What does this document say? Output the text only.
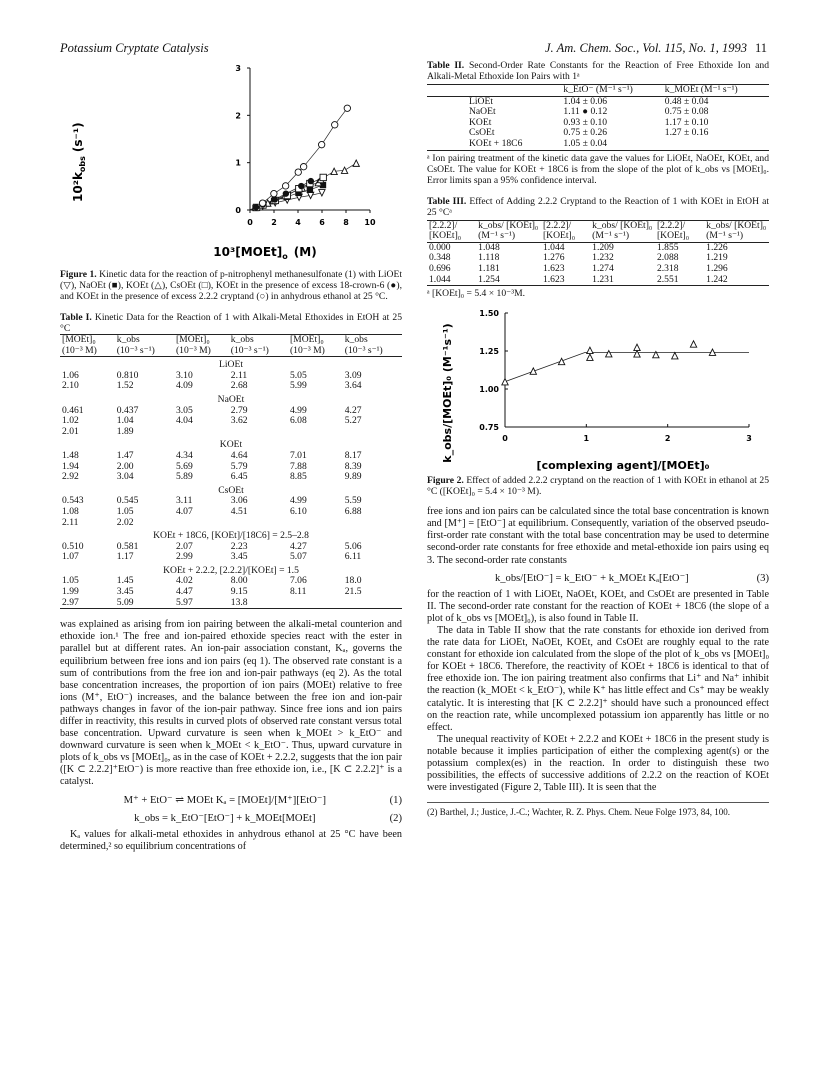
Potassium Cryptate Catalysis	J. Am. Chem. Soc., Vol. 115, No. 1, 1993 11
0 2 4 6 8 10
0
1
2
3
$10^2k_{obs}(s^{-1})$
$10^3[MOEt]_o$ (M)
Figure 1. Kinetic data for the reaction of p-nitrophenyl methanesulfonate (1) with LiOEt (▽), NaOEt (■), KOEt (△), CsOEt (□), KOEt in the presence of excess 18-crown-6 (●), and KOEt in the presence of excess 2.2.2 cryptand (○) in anhydrous ethanol at 25 °C.
Table I. Kinetic Data for the Reaction of 1 with Alkali-Metal Ethoxides in EtOH at 25 °C
[MOEt]₀	k_obs	[MOEt]₀	k_obs	[MOEt]₀	k_obs
(10⁻³ M)	(10⁻³ s⁻¹)	(10⁻³ M)	(10⁻³ s⁻¹)	(10⁻³ M)	(10⁻³ s⁻¹)
LiOEt					
1.06	0.810	3.10	2.11	5.05	3.09
2.10	1.52	4.09	2.68	5.99	3.64
NaOEt					
0.461	0.437	3.05	2.79	4.99	4.27
1.02	1.04	4.04	3.62	6.08	5.27
2.01	1.89				
KOEt					
1.48	1.47	4.34	4.64	7.01	8.17
1.94	2.00	5.69	5.79	7.88	8.39
2.92	3.04	5.89	6.45	8.85	9.89
CsOEt					
0.543	0.545	3.11	3.06	4.99	5.59
1.08	1.05	4.07	4.51	6.10	6.88
2.11	2.02				
KOEt + 18C6, [KOEt]/[18C6] = 2.5–2.8					
0.510	0.581	2.07	2.23	4.27	5.06
1.07	1.17	2.99	3.45	5.07	6.11
KOEt + 2.2.2, [2.2.2]/[KOEt] = 1.5					
1.05	1.45	4.02	8.00	7.06	18.0
1.99	3.45	4.47	9.15	8.11	21.5
2.97	5.09	5.97	13.8		

was explained as arising from ion pairing between the alkali-metal counterion and ethoxide ion.¹ The free and ion-paired ethoxide species react with the ester in parallel but at different rates. An ion-pair association constant, Kₐ, governs the equilibrium between free ions and ion pairs (eq 1). The observed rate constant is a sum of contributions from the free ion and ion-pair pathways (eq 2). As the total base concentration increases, the proportion of ion pairs (MOEt) relative to free ions (M⁺, EtO⁻) increases, and the balance between the free ion and ion-pair pathways changes in favor of the ion-pair pathway. Since free ions and ion pairs differ in reactivity, this results in curved plots of observed rate constant versus total base concentration. Upward curvature is seen when k_MOEt > k_EtO⁻ and downward curvature is seen when k_MOEt < k_EtO⁻. Thus, upward curvature in plots of k_obs vs [MOEt]₀, as in the case of KOEt + 2.2.2, suggests that the ion pair ([K ⊂ 2.2.2]⁺EtO⁻) is more reactive than free ethoxide ion, i.e., [K ⊂ 2.2.2]⁺ is a catalyst.

M⁺ + EtO⁻ ⇌ MOEt Kₐ = [MOEt]/[M⁺][EtO⁻]	(1)
k_obs = k_EtO⁻[EtO⁻] + k_MOEt[MOEt]	(2)

Kₐ values for alkali-metal ethoxides in anhydrous ethanol at 25 °C have been determined,² so equilibrium concentrations of

Table II. Second-Order Rate Constants for the Reaction of Free Ethoxide Ion and Alkali-Metal Ethoxide Ion Pairs with 1ᵃ
	k_EtO⁻ (M⁻¹ s⁻¹)	k_MOEt (M⁻¹ s⁻¹)
LiOEt	1.04 ± 0.06	0.48 ± 0.04
NaOEt	1.11 ● 0.12	0.75 ± 0.08
KOEt	0.93 ± 0.10	1.17 ± 0.10
CsOEt	0.75 ± 0.26	1.27 ± 0.16
KOEt + 18C6	1.05 ± 0.04	
ᵃ Ion pairing treatment of the kinetic data gave the values for LiOEt, NaOEt, KOEt, and CsOEt. The value for KOEt + 18C6 is from the slope of the plot of k_obs vs [MOEt]₀. Error limits span a 95% confidence interval.
Table III. Effect of Adding 2.2.2 Cryptand to the Reaction of 1 with KOEt in EtOH at 25 °Cᵃ
[2.2.2]/ [KOEt]₀	k_obs/ [KOEt]₀ (M⁻¹ s⁻¹)	[2.2.2]/ [KOEt]₀	k_obs/ [KOEt]₀ (M⁻¹ s⁻¹)	[2.2.2]/ [KOEt]₀	k_obs/ [KOEt]₀ (M⁻¹ s⁻¹)
0.000	1.048	1.044	1.209	1.855	1.226
0.348	1.118	1.276	1.232	2.088	1.219
0.696	1.181	1.623	1.274	2.318	1.296
1.044	1.254	1.623	1.231	2.551	1.242
ᵃ [KOEt]₀ = 5.4 × 10⁻³M.
0	1	2	3
0.75
1.00
1.25
1.50
k_obs/[MOEt]₀ (M⁻¹s⁻¹)
[complexing agent]/[MOEt]₀
Figure 2. Effect of added 2.2.2 cryptand on the reaction of 1 with KOEt in ethanol at 25 °C ([KOEt]₀ = 5.4 × 10⁻³ M).

free ions and ion pairs can be calculated since the total base concentration is known and [M⁺] = [EtO⁻] at equilibrium. Consequently, variation of the observed pseudo-first-order rate constant with the total base concentration may be used to determine second-order rate constants for free ethoxide and metal-ethoxide ion pairs using eq 3. The second-order rate constants

k_obs/[EtO⁻] = k_EtO⁻ + k_MOEt Kₐ[EtO⁻]	(3)

for the reaction of 1 with LiOEt, NaOEt, KOEt, and CsOEt are presented in Table II. The second-order rate constant for the reaction of KOEt + 18C6 (the slope of a plot of k_obs vs [MOEt]₀), is also found in Table II.

The data in Table II show that the rate constants for ethoxide ion derived from the rate data for LiOEt, NaOEt, KOEt, and CsOEt are roughly equal to the rate constant for ethoxide ion calculated from the slope of the plot of k_obs vs [MOEt]₀ for KOEt + 18C6. Therefore, the reactivity of KOEt + 18C6 is identical to that of free ethoxide ion. The ion pairing treatment also confirms that Li⁺ and Na⁺ inhibit the reaction (k_MOEt < k_EtO⁻), while K⁺ has little effect and Cs⁺ may be weakly catalytic. It is interesting that [K ⊂ 2.2.2]⁺ should have such a pronounced effect on the reaction rate, while uncomplexed potassium ion apparently has little or no effect.

The unequal reactivity of KOEt + 2.2.2 and KOEt + 18C6 in the present study is notable because it implies participation of either the complexing agent(s) or the potassium complex(es) in the reaction. In order to distinguish these two possibilities, the effects of successive additions of 2.2.2 on the reaction of KOEt were investigated (Figure 2, Table III). It is seen that the

(2) Barthel, J.; Justice, J.-C.; Wachter, R. Z. Phys. Chem. Neue Folge 1973, 84, 100.
